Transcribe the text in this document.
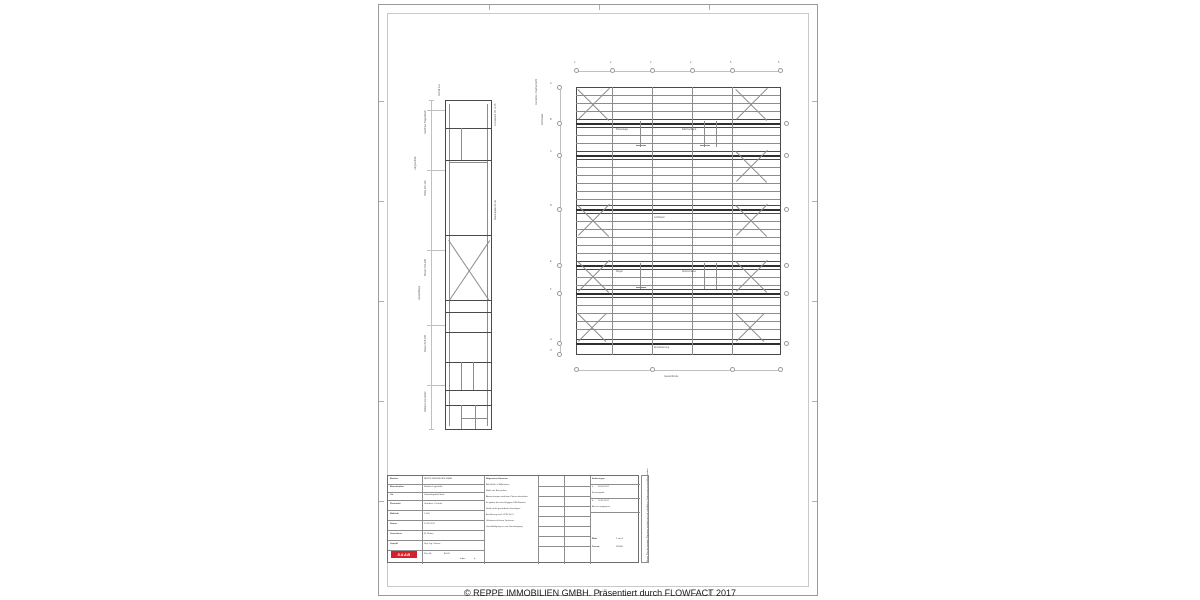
Dachhaut Trapezblech
Pfette IPE 160
Binder HEA 300
Stütze HEB 200
Verband Rundstahl
Fundament OK -0,15
Bodenplatte 20 cm
Schnitt A-A
Gesamtlänge
Längsschnitt
1	2	3	4	5	6
Gesamtbreite
A
B
C
D
E
F
G
H
Achsraster
Grundriss / Dachaufsicht
Pfettenlage	Dachverband
Riegel	Stützenraster
Lichtband
Entwässerung
Bauherr	REPPE IMMOBILIEN GMBH
Bauvorhaben	Neubau Lagerhalle
Ort	Gewerbegebiet Nord
Planinhalt	Grundriss / Schnitt
Maßstab	1:100
Datum	12.05.2017
Gezeichnet	M. Weber
Geprüft	Dipl.-Ing. Krause
SAAB	Plan-Nr.	A-102
Index	b
Allgemeine Hinweise
Alle Maße in Millimetern.
Maße am Bau prüfen.
Abweichungen sind dem Planer mitzuteilen.
Es gelten die einschlägigen DIN-Normen.
Statik siehe gesonderte Unterlagen.
Ausführung nach VOB Teil C.
Urheberrecht beim Verfasser.
Vervielfältigung nur mit Genehmigung.
Änderungen
a 03.04.2017
Erstausgabe
b 12.05.2017
Achsen angepasst
Blatt	2 von 5
Format	DIN A1	Dieser Plan ist geistiges Eigentum und darf nur mit schriftlicher Zustimmung vervielfältigt werden.
© REPPE IMMOBILIEN GMBH. Präsentiert durch FLOWFACT 2017
